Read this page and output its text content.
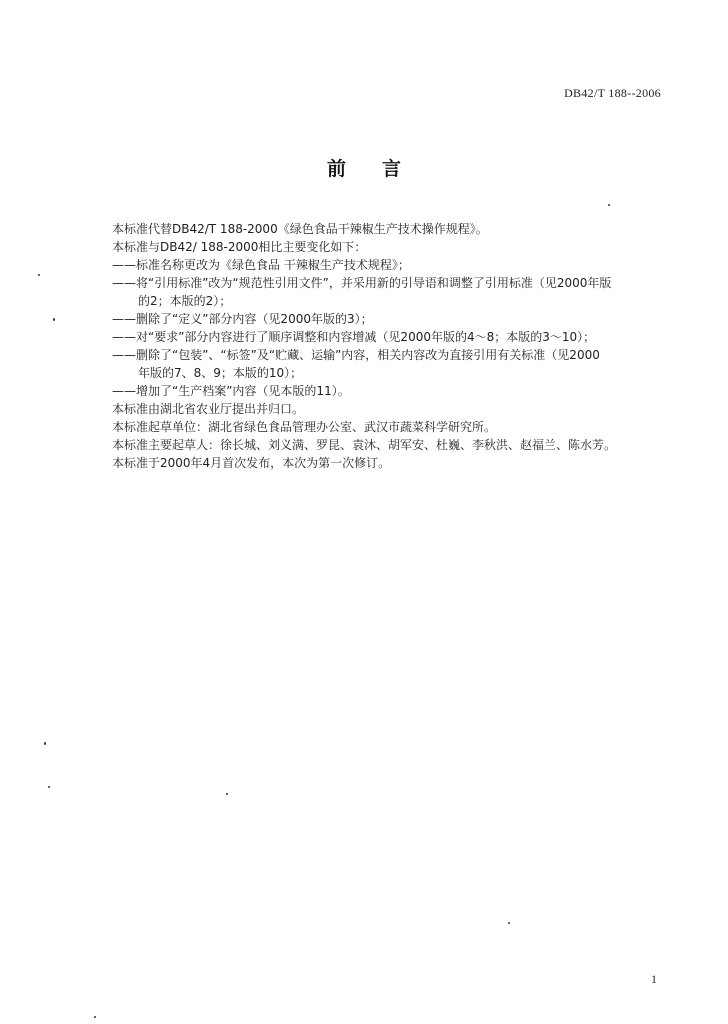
DB42/T 188--2006
前 言
本标准代替DB42/T 188-2000《绿色食品干辣椒生产技术操作规程》。
本标准与DB42/ 188-2000相比主要变化如下：
——标准名称更改为《绿色食品 干辣椒生产技术规程》；
——将“引用标准”改为“规范性引用文件”，并采用新的引导语和调整了引用标准（见2000年版
的2；本版的2）；
——删除了“定义”部分内容（见2000年版的3）；
——对“要求”部分内容进行了顺序调整和内容增减（见2000年版的4～8；本版的3～10）；
——删除了“包装”、“标签”及“贮藏、运输”内容，相关内容改为直接引用有关标准（见2000
年版的7、8、9；本版的10）；
——增加了“生产档案”内容（见本版的11）。
本标准由湖北省农业厅提出并归口。
本标准起草单位：湖北省绿色食品管理办公室、武汉市蔬菜科学研究所。
本标准主要起草人：徐长城、刘义满、罗昆、袁沐、胡军安、杜巍、李秋洪、赵福兰、陈水芳。
本标准于2000年4月首次发布，本次为第一次修订。
1
